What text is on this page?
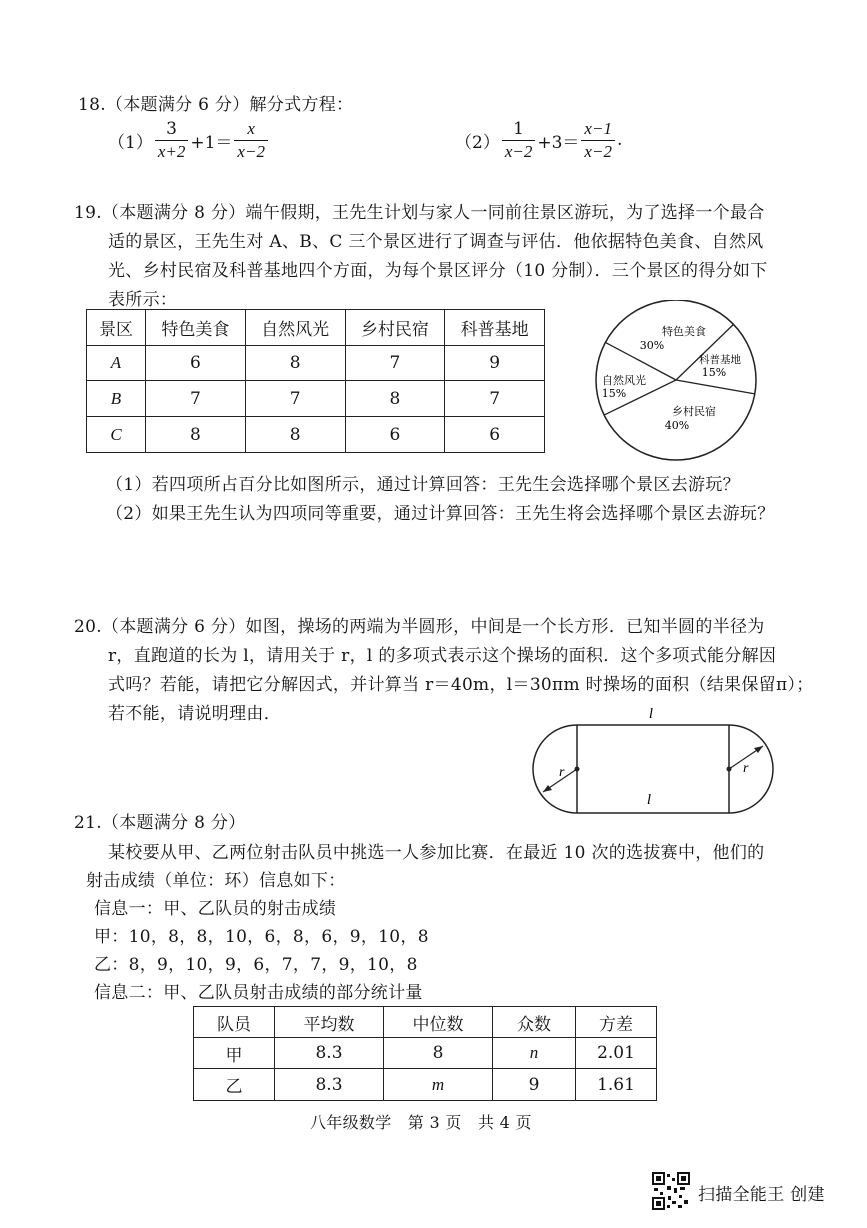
18.（本题满分 6 分）解分式方程：
$(1) \frac{3}{x+2} +1= \frac{x}{x-2}$	$(2) \frac{1}{x-2} +3= \frac{x-1}{x-2}$ .
19.（本题满分 8 分）端午假期，王先生计划与家人一同前往景区游玩，为了选择一个最合
适的景区，王先生对 A、B、C 三个景区进行了调查与评估．他依据特色美食、自然风
光、乡村民宿及科普基地四个方面，为每个景区评分（10 分制）．三个景区的得分如下
表所示：
景区	特色美食	自然风光	乡村民宿	科普基地
A	6	8	7	9
B	7	7	8	7
C	8	8	6	6
特色美食
30%
科普基地
15%
乡村民宿
40%
自然风光
15%
（1）若四项所占百分比如图所示，通过计算回答：王先生会选择哪个景区去游玩？
（2）如果王先生认为四项同等重要，通过计算回答：王先生将会选择哪个景区去游玩？
20.（本题满分 6 分）如图，操场的两端为半圆形，中间是一个长方形．已知半圆的半径为
r，直跑道的长为 l，请用关于 r，l 的多项式表示这个操场的面积．这个多项式能分解因
式吗？若能，请把它分解因式，并计算当 r＝40m，l＝30πm 时操场的面积（结果保留π）；
若不能，请说明理由．	l
l
r	r
21.（本题满分 8 分）
某校要从甲、乙两位射击队员中挑选一人参加比赛．在最近 10 次的选拔赛中，他们的
射击成绩（单位：环）信息如下：
信息一：甲、乙队员的射击成绩
甲：10，8，8，10，6，8，6，9，10，8
乙：8，9，10，9，6，7，7，9，10，8
信息二：甲、乙队员射击成绩的部分统计量
队员	平均数	中位数	众数	方差
甲	8.3	8	n	2.01
乙	8.3	m	9	1.61
八年级数学　第 3 页　共 4 页
扫描全能王 创建
